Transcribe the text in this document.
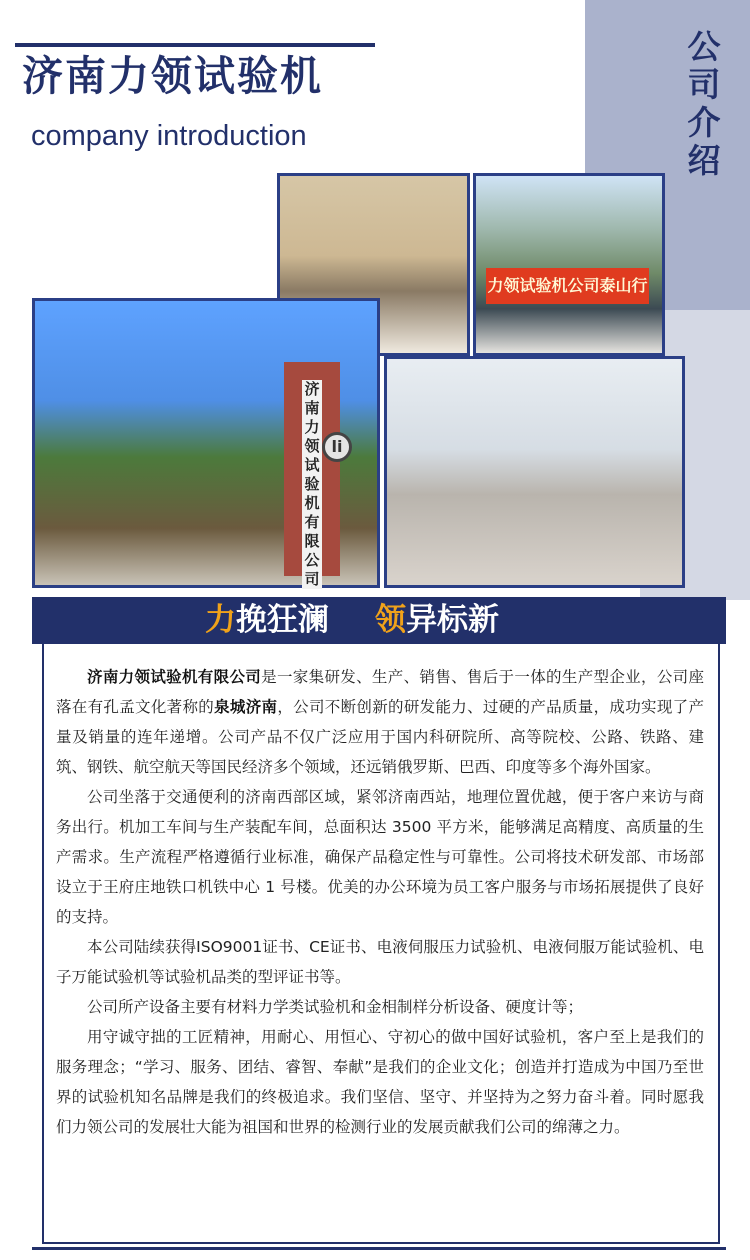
济南力领试验机
company introduction
公
司
介
绍
力领试验机公司泰山行
济南力领试验机有限公司
li
力挽狂澜 领异标新

济南力领试验机有限公司是一家集研发、生产、销售、售后于一体的生产型企业，公司座落在有孔孟文化著称的泉城济南，公司不断创新的研发能力、过硬的产品质量，成功实现了产量及销量的连年递增。公司产品不仅广泛应用于国内科研院所、高等院校、公路、铁路、建筑、钢铁、航空航天等国民经济多个领域，还远销俄罗斯、巴西、印度等多个海外国家。

公司坐落于交通便利的济南西部区域，紧邻济南西站，地理位置优越，便于客户来访与商务出行。机加工车间与生产装配车间，总面积达 3500 平方米，能够满足高精度、高质量的生产需求。生产流程严格遵循行业标准，确保产品稳定性与可靠性。公司将技术研发部、市场部设立于王府庄地铁口机铁中心 1 号楼。优美的办公环境为员工客户服务与市场拓展提供了良好的支持。

本公司陆续获得ISO9001证书、CE证书、电液伺服压力试验机、电液伺服万能试验机、电子万能试验机等试验机品类的型评证书等。

公司所产设备主要有材料力学类试验机和金相制样分析设备、硬度计等；

用守诚守拙的工匠精神，用耐心、用恒心、守初心的做中国好试验机，客户至上是我们的服务理念；“学习、服务、团结、睿智、奉献”是我们的企业文化；创造并打造成为中国乃至世界的试验机知名品牌是我们的终极追求。我们坚信、坚守、并坚持为之努力奋斗着。同时愿我们力领公司的发展壮大能为祖国和世界的检测行业的发展贡献我们公司的绵薄之力。
